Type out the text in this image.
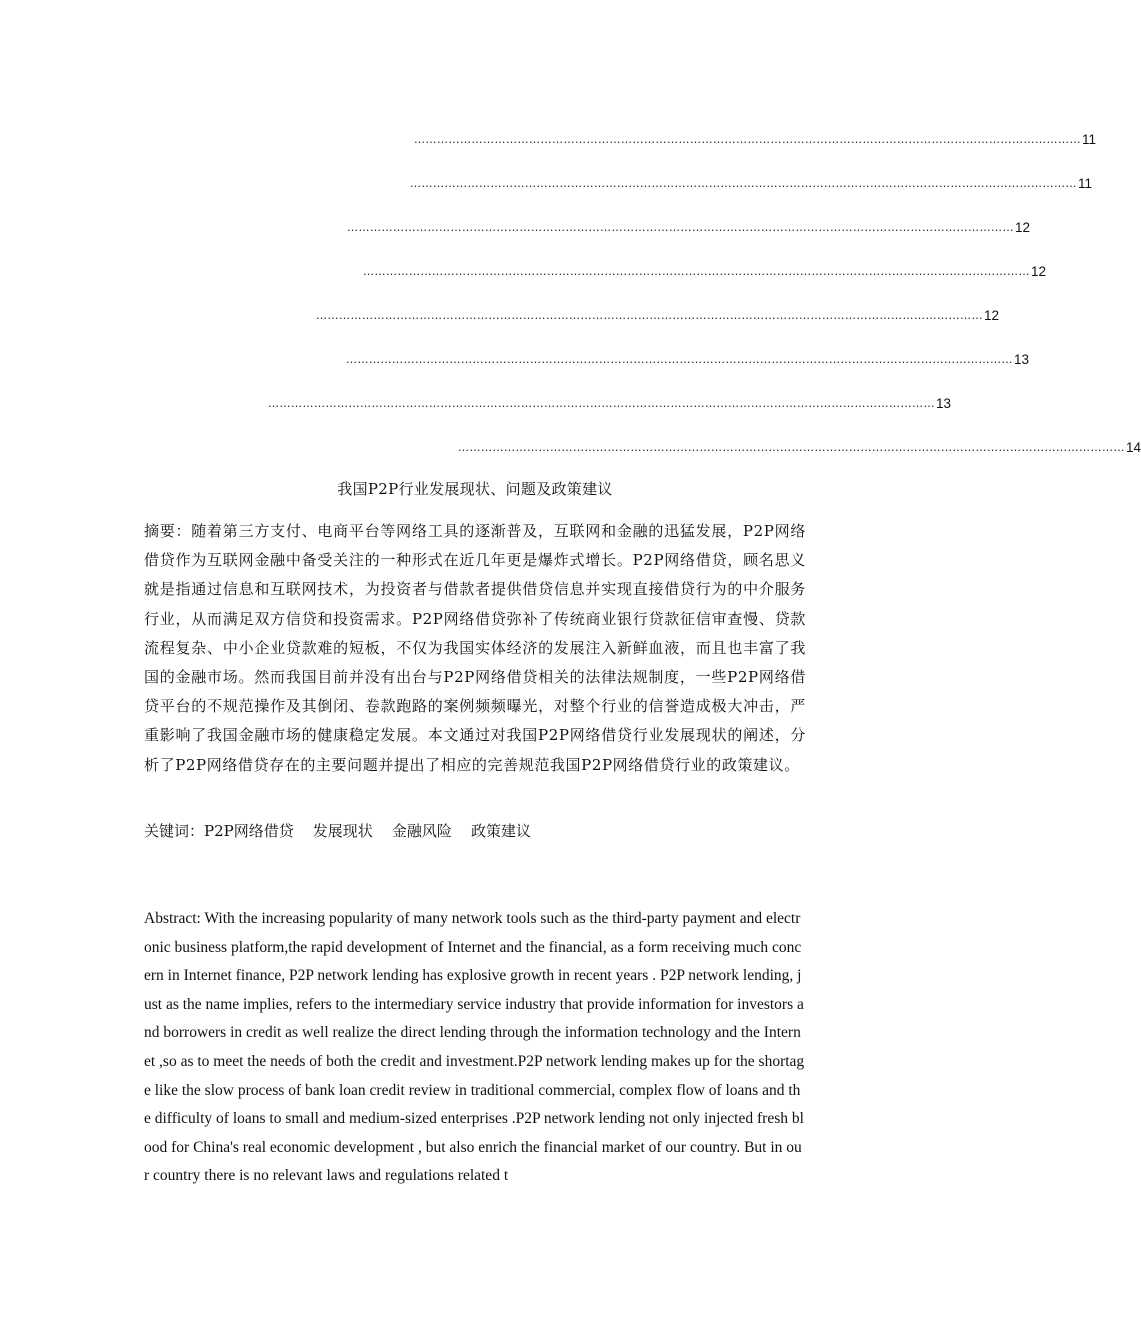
………………………………………………………………………………………………………………………………………………………… 11
………………………………………………………………………………………………………………………………………………………… 11
………………………………………………………………………………………………………………………………………………………… 12
………………………………………………………………………………………………………………………………………………………… 12
………………………………………………………………………………………………………………………………………………………… 12
………………………………………………………………………………………………………………………………………………………… 13
………………………………………………………………………………………………………………………………………………………… 13
………………………………………………………………………………………………………………………………………………………… 14
我国P2P行业发展现状、问题及政策建议
摘要：随着第三方支付、电商平台等网络工具的逐渐普及，互联网和金融的迅猛发展，P2P网络借贷作为互联网金融中备受关注的一种形式在近几年更是爆炸式增长。P2P网络借贷，顾名思义就是指通过信息和互联网技术，为投资者与借款者提供借贷信息并实现直接借贷行为的中介服务行业，从而满足双方信贷和投资需求。P2P网络借贷弥补了传统商业银行贷款征信审查慢、贷款流程复杂、中小企业贷款难的短板，不仅为我国实体经济的发展注入新鲜血液，而且也丰富了我国的金融市场。然而我国目前并没有出台与P2P网络借贷相关的法律法规制度，一些P2P网络借贷平台的不规范操作及其倒闭、卷款跑路的案例频频曝光，对整个行业的信誉造成极大冲击，严重影响了我国金融市场的健康稳定发展。本文通过对我国P2P网络借贷行业发展现状的阐述，分析了P2P网络借贷存在的主要问题并提出了相应的完善规范我国P2P网络借贷行业的政策建议。
关键词：P2P网络借贷    发展现状    金融风险    政策建议
Abstract: With the increasing popularity of many network tools such as the third-party payment and electronic business platform,the rapid development of Internet and the financial, as a form receiving much concern in Internet finance, P2P network lending has explosive growth in recent years . P2P network lending, just as the name implies, refers to the intermediary service industry that provide information for investors and borrowers in credit as well realize the direct lending through the information technology and the Internet ,so as to meet the needs of both the credit and investment.P2P network lending makes up for the shortage like the slow process of bank loan credit review in traditional commercial, complex flow of loans and the difficulty of loans to small and medium-sized enterprises .P2P network lending not only injected fresh blood for China's real economic development , but also enrich the financial market of our country. But in our country there is no relevant laws and regulations related t
